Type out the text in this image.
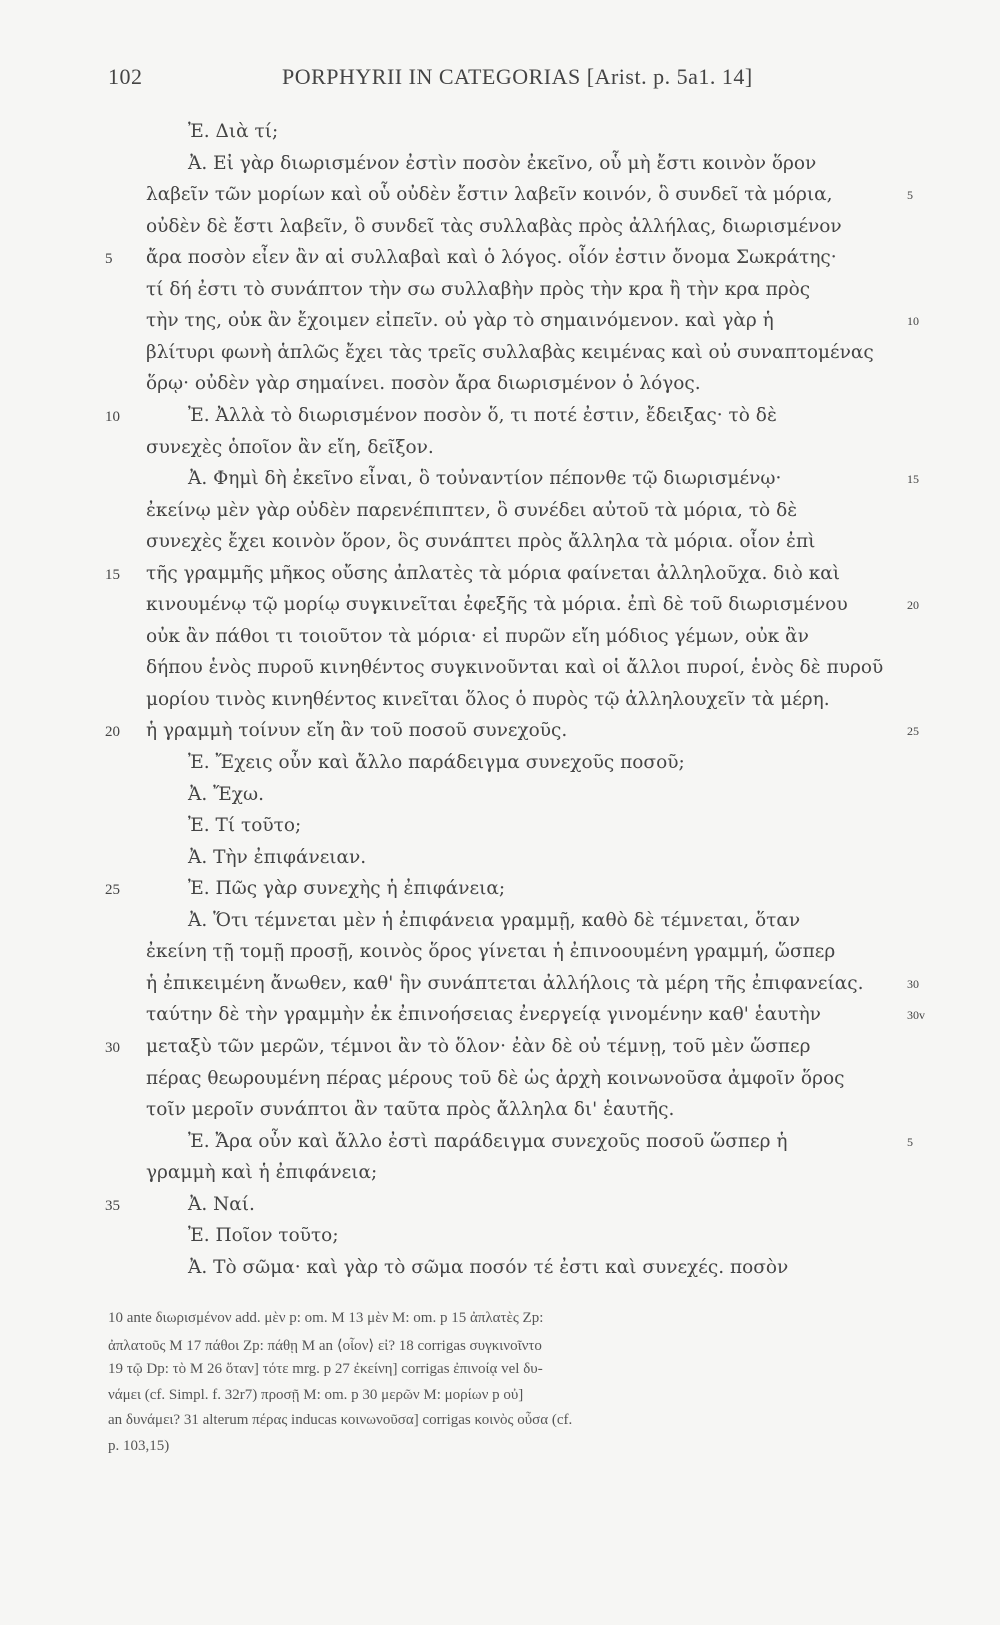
102	PORPHYRII IN CATEGORIAS [Arist. p. 5a1. 14]
Ἐ. Διὰ τί;
Ἀ. Εἰ γὰρ διωρισμένον ἐστὶν ποσὸν ἐκεῖνο, οὗ μὴ ἔστι κοινὸν ὅρον
λαβεῖν τῶν μορίων καὶ οὗ οὐδὲν ἔστιν λαβεῖν κοινόν, ὃ συνδεῖ τὰ μόρια,	5
οὐδὲν δὲ ἔστι λαβεῖν, ὃ συνδεῖ τὰς συλλαβὰς πρὸς ἀλλήλας, διωρισμένον
ἄρα ποσὸν εἶεν ἂν αἱ συλλαβαὶ καὶ ὁ λόγος. οἷόν ἐστιν ὄνομα Σωκράτης·
5
τί δή ἐστι τὸ συνάπτον τὴν σω συλλαβὴν πρὸς τὴν κρα ἢ τὴν κρα πρὸς
τὴν της, οὐκ ἂν ἔχοιμεν εἰπεῖν. οὐ γὰρ τὸ σημαινόμενον. καὶ γὰρ ἡ	10
βλίτυρι φωνὴ ἁπλῶς ἔχει τὰς τρεῖς συλλαβὰς κειμένας καὶ οὐ συναπτομένας
ὅρῳ· οὐδὲν γὰρ σημαίνει. ποσὸν ἄρα διωρισμένον ὁ λόγος.
Ἐ. Ἀλλὰ τὸ διωρισμένον ποσὸν ὅ, τι ποτέ ἐστιν, ἔδειξας· τὸ δὲ
10
συνεχὲς ὁποῖον ἂν εἴη, δεῖξον.
Ἀ. Φημὶ δὴ ἐκεῖνο εἶναι, ὃ τοὐναντίον πέπονθε τῷ διωρισμένῳ·	15
ἐκείνῳ μὲν γὰρ οὐδὲν παρενέπιπτεν, ὃ συνέδει αὐτοῦ τὰ μόρια, τὸ δὲ
συνεχὲς ἔχει κοινὸν ὅρον, ὃς συνάπτει πρὸς ἄλληλα τὰ μόρια. οἷον ἐπὶ
τῆς γραμμῆς μῆκος οὔσης ἀπλατὲς τὰ μόρια φαίνεται ἀλληλοῦχα. διὸ καὶ
15
κινουμένῳ τῷ μορίῳ συγκινεῖται ἐφεξῆς τὰ μόρια. ἐπὶ δὲ τοῦ διωρισμένου	20
οὐκ ἂν πάθοι τι τοιοῦτον τὰ μόρια· εἰ πυρῶν εἴη μόδιος γέμων, οὐκ ἂν
δήπου ἑνὸς πυροῦ κινηθέντος συγκινοῦνται καὶ οἱ ἄλλοι πυροί, ἑνὸς δὲ πυροῦ
μορίου τινὸς κινηθέντος κινεῖται ὅλος ὁ πυρὸς τῷ ἀλληλουχεῖν τὰ μέρη.
ἡ γραμμὴ τοίνυν εἴη ἂν τοῦ ποσοῦ συνεχοῦς.
20	25
Ἐ. Ἔχεις οὖν καὶ ἄλλο παράδειγμα συνεχοῦς ποσοῦ;
Ἀ. Ἔχω.
Ἐ. Τί τοῦτο;
Ἀ. Τὴν ἐπιφάνειαν.
Ἐ. Πῶς γὰρ συνεχὴς ἡ ἐπιφάνεια;
25
Ἀ. Ὅτι τέμνεται μὲν ἡ ἐπιφάνεια γραμμῇ, καθὸ δὲ τέμνεται, ὅταν
ἐκείνη τῇ τομῇ προσῇ, κοινὸς ὅρος γίνεται ἡ ἐπινοουμένη γραμμή, ὥσπερ
ἡ ἐπικειμένη ἄνωθεν, καθ' ἣν συνάπτεται ἀλλήλοις τὰ μέρη τῆς ἐπιφανείας.	30
ταύτην δὲ τὴν γραμμὴν ἐκ ἐπινοήσειας ἐνεργείᾳ γινομένην καθ' ἑαυτὴν	30v
μεταξὺ τῶν μερῶν, τέμνοι ἂν τὸ ὅλον· ἐὰν δὲ οὐ τέμνῃ, τοῦ μὲν ὥσπερ
30
πέρας θεωρουμένη πέρας μέρους τοῦ δὲ ὡς ἀρχὴ κοινωνοῦσα ἀμφοῖν ὅρος
τοῖν μεροῖν συνάπτοι ἂν ταῦτα πρὸς ἄλληλα δι' ἑαυτῆς.
Ἐ. Ἄρα οὖν καὶ ἄλλο ἐστὶ παράδειγμα συνεχοῦς ποσοῦ ὥσπερ ἡ	5
γραμμὴ καὶ ἡ ἐπιφάνεια;
Ἀ. Ναί.
35
Ἐ. Ποῖον τοῦτο;
Ἀ. Τὸ σῶμα· καὶ γὰρ τὸ σῶμα ποσόν τέ ἐστι καὶ συνεχές. ποσὸν
10 ante διωρισμένον add. μὲν p: om. M 13 μὲν M: om. p 15 ἀπλατὲς Zp:
ἀπλατοῦς M 17 πάθοι Zp: πάθῃ M an ⟨οἷον⟩ εἰ? 18 corrigas συγκινοῖντο
19 τῷ Dp: τὸ M 26 ὅταν] τότε mrg. p 27 ἐκείνη] corrigas ἐπινοίᾳ vel δυ-
νάμει (cf. Simpl. f. 32r7) προσῇ M: om. p 30 μερῶν M: μορίων p οὐ]
an δυνάμει? 31 alterum πέρας inducas κοινωνοῦσα] corrigas κοινὸς οὖσα (cf.
p. 103,15)
